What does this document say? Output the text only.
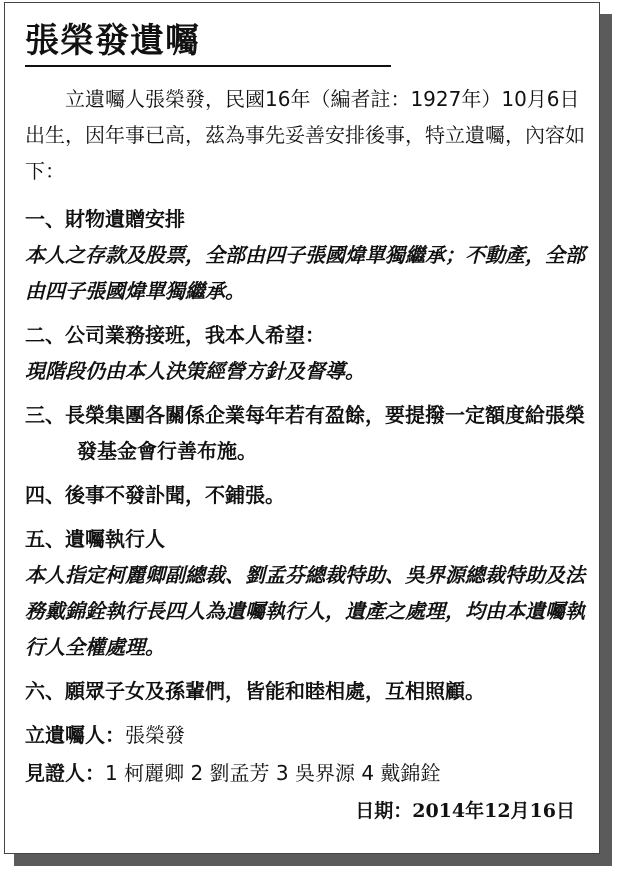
張榮發遺囑

立遺囑人張榮發，民國16年（編者註：1927年）10月6日出生，因年事已高，茲為事先妥善安排後事，特立遺囑，內容如下：

一、財物遺贈安排
本人之存款及股票，全部由四子張國煒單獨繼承；不動產，全部由四子張國煒單獨繼承。
二、公司業務接班，我本人希望：
現階段仍由本人決策經營方針及督導。
三、長榮集團各關係企業每年若有盈餘，要提撥一定額度給張榮發基金會行善布施。
四、後事不發訃聞，不鋪張。
五、遺囑執行人
本人指定柯麗卿副總裁、劉孟芬總裁特助、吳界源總裁特助及法務戴錦銓執行長四人為遺囑執行人，遺產之處理，均由本遺囑執行人全權處理。
六、願眾子女及孫輩們，皆能和睦相處，互相照顧。

立遺囑人：張榮發

見證人：1 柯麗卿 2 劉孟芳 3 吳界源 4 戴錦銓

日期：2014年12月16日
